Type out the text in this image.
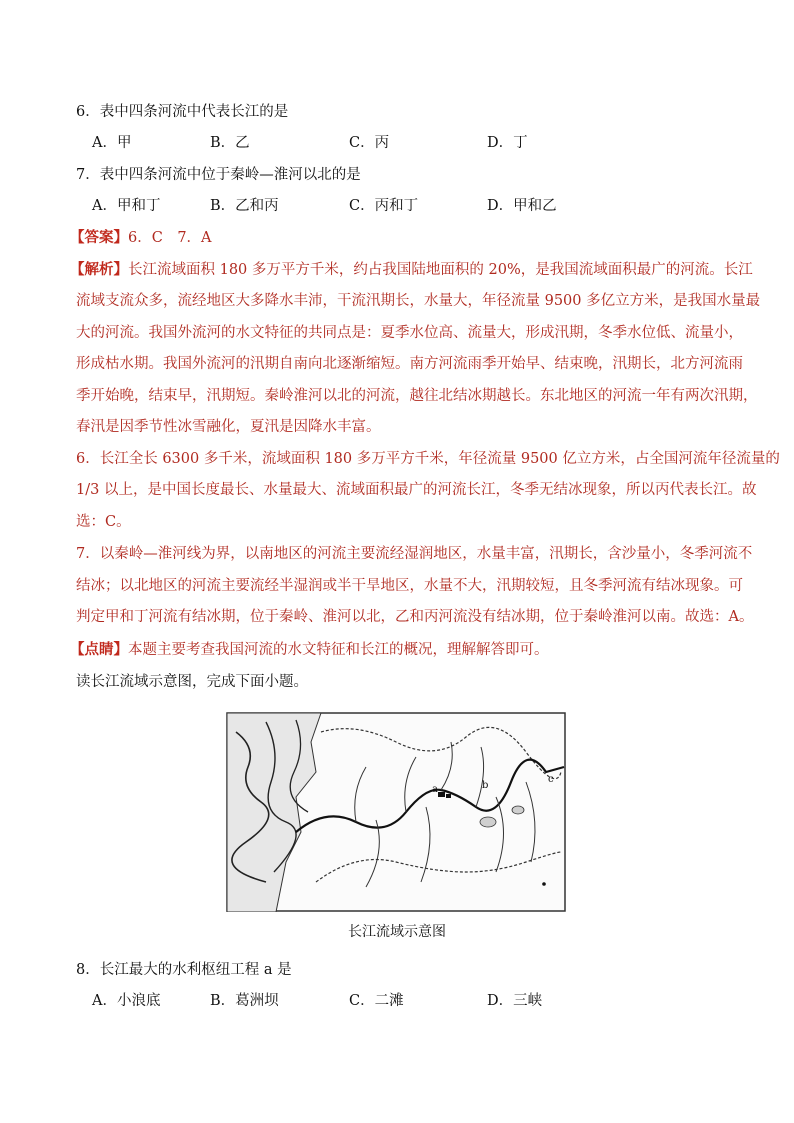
6．表中四条河流中代表长江的是
A．甲	B．乙	C．丙	D．丁
7．表中四条河流中位于秦岭—淮河以北的是
A．甲和丁	B．乙和丙	C．丙和丁	D．甲和乙
【答案】6．C　7．A
【解析】长江流域面积 180 多万平方千米，约占我国陆地面积的 20%，是我国流域面积最广的河流。长江
流域支流众多，流经地区大多降水丰沛，干流汛期长，水量大，年径流量 9500 多亿立方米，是我国水量最
大的河流。我国外流河的水文特征的共同点是：夏季水位高、流量大，形成汛期，冬季水位低、流量小，
形成枯水期。我国外流河的汛期自南向北逐渐缩短。南方河流雨季开始早、结束晚，汛期长，北方河流雨
季开始晚，结束早，汛期短。秦岭淮河以北的河流，越往北结冰期越长。东北地区的河流一年有两次汛期，
春汛是因季节性冰雪融化，夏汛是因降水丰富。
6．长江全长 6300 多千米，流域面积 180 多万平方千米，年径流量 9500 亿立方米，占全国河流年径流量的
1/3 以上，是中国长度最长、水量最大、流域面积最广的河流长江，冬季无结冰现象，所以丙代表长江。故
选：C。
7．以秦岭—淮河线为界，以南地区的河流主要流经湿润地区，水量丰富，汛期长，含沙量小，冬季河流不
结冰；以北地区的河流主要流经半湿润或半干旱地区，水量不大，汛期较短，且冬季河流有结冰现象。可
判定甲和丁河流有结冰期，位于秦岭、淮河以北，乙和丙河流没有结冰期，位于秦岭淮河以南。故选：A。
【点睛】本题主要考查我国河流的水文特征和长江的概况，理解解答即可。
读长江流域示意图，完成下面小题。
a	b
c
长江流域示意图
8．长江最大的水利枢纽工程 a 是
A．小浪底	B．葛洲坝	C．二滩	D．三峡
